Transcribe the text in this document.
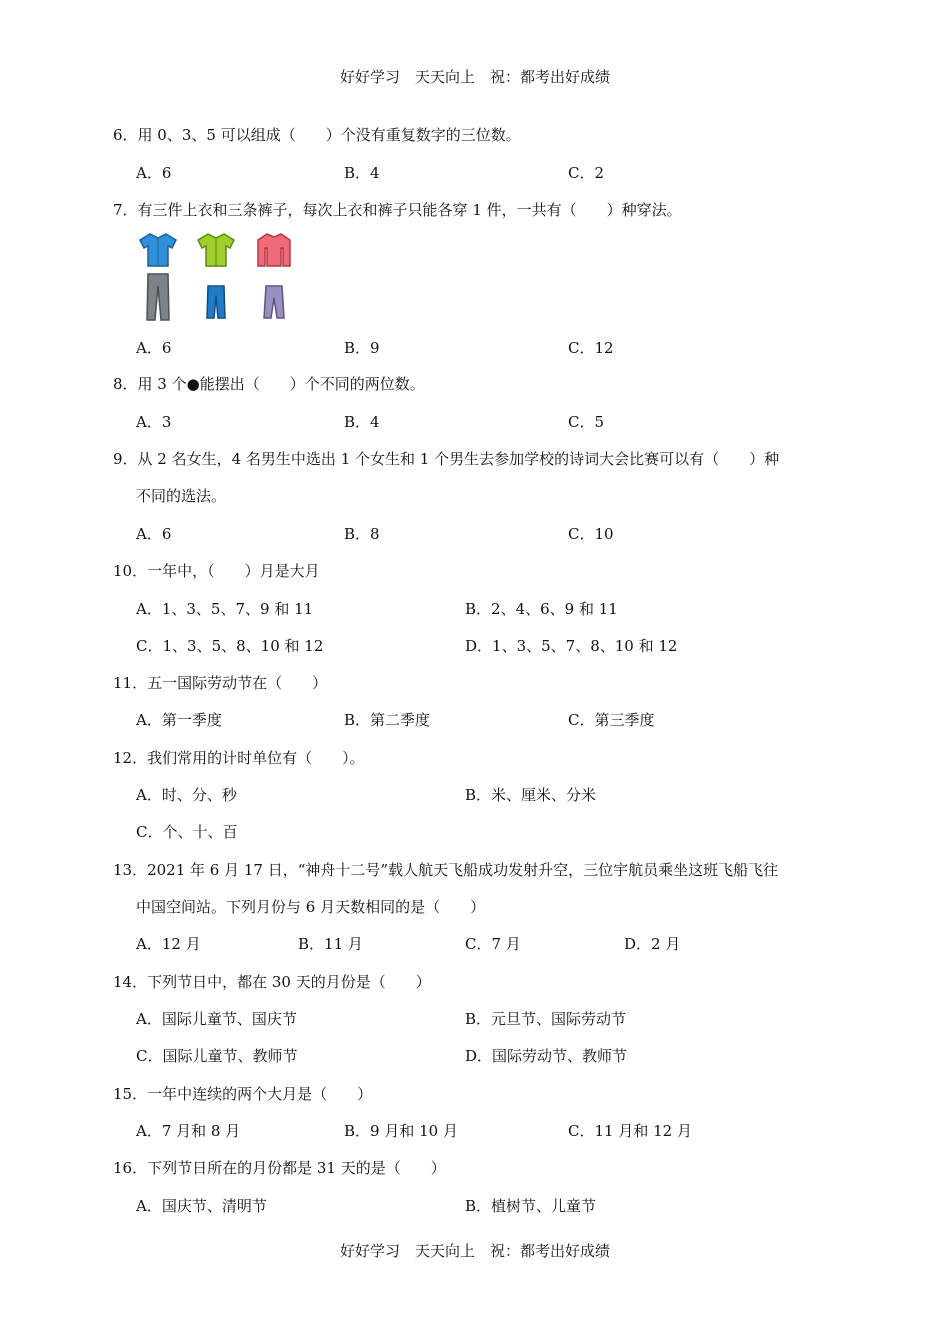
好好学习　天天向上　祝：都考出好成绩
6．用 0、3、5 可以组成（　　）个没有重复数字的三位数。
A．6	B．4	C．2
7．有三件上衣和三条裤子，每次上衣和裤子只能各穿 1 件，一共有（　　）种穿法。
A．6	B．9	C．12
8．用 3 个●能摆出（　　）个不同的两位数。
A．3	B．4	C．5
9．从 2 名女生，4 名男生中选出 1 个女生和 1 个男生去参加学校的诗词大会比赛可以有（　　）种
不同的选法。
A．6	B．8	C．10
10．一年中，（　　）月是大月
A．1、3、5、7、9 和 11	B．2、4、6、9 和 11
C．1、3、5、8、10 和 12	D．1、3、5、7、8、10 和 12
11．五一国际劳动节在（　　）
A．第一季度	B．第二季度	C．第三季度
12．我们常用的计时单位有（　　）。
A．时、分、秒	B．米、厘米、分米
C．个、十、百
13．2021 年 6 月 17 日，“神舟十二号”载人航天飞船成功发射升空，三位宇航员乘坐这班飞船飞往
中国空间站。下列月份与 6 月天数相同的是（　　）
A．12 月	B．11 月	C．7 月	D．2 月
14．下列节日中，都在 30 天的月份是（　　）
A．国际儿童节、国庆节	B．元旦节、国际劳动节
C．国际儿童节、教师节	D．国际劳动节、教师节
15．一年中连续的两个大月是（　　）
A．7 月和 8 月	B．9 月和 10 月	C．11 月和 12 月
16．下列节日所在的月份都是 31 天的是（　　）
A．国庆节、清明节	B．植树节、儿童节
好好学习　天天向上　祝：都考出好成绩
